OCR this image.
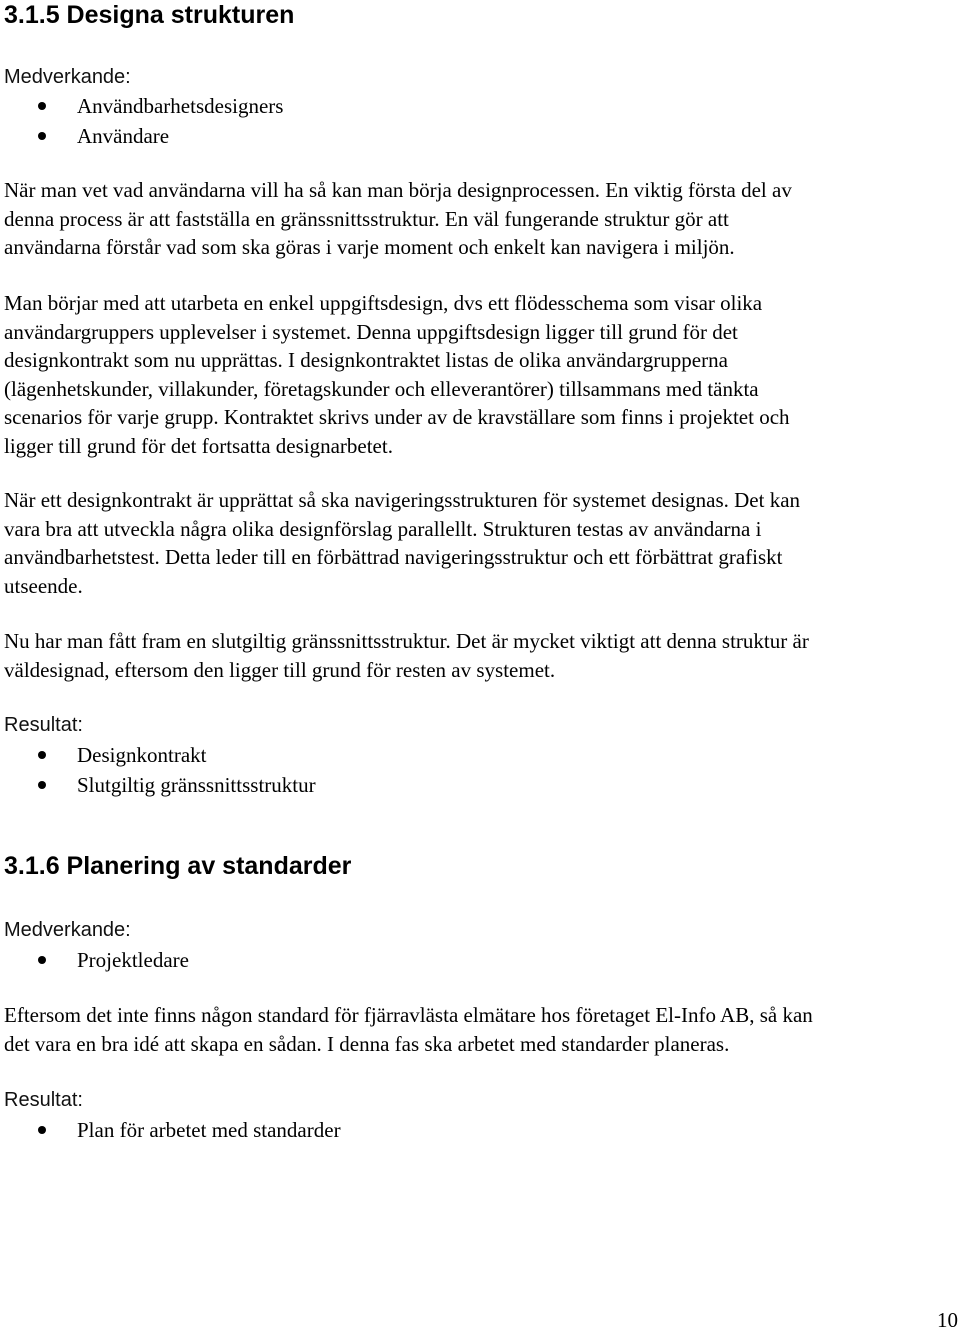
3.1.5 Designa strukturen
Medverkande:
Användbarhetsdesigners
Användare

När man vet vad användarna vill ha så kan man börja designprocessen. En viktig första del av
denna process är att fastställa en gränssnittsstruktur. En väl fungerande struktur gör att
användarna förstår vad som ska göras i varje moment och enkelt kan navigera i miljön.

Man börjar med att utarbeta en enkel uppgiftsdesign, dvs ett flödesschema som visar olika
användargruppers upplevelser i systemet. Denna uppgiftsdesign ligger till grund för det
designkontrakt som nu upprättas. I designkontraktet listas de olika användargrupperna
(lägenhetskunder, villakunder, företagskunder och elleverantörer) tillsammans med tänkta
scenarios för varje grupp. Kontraktet skrivs under av de kravställare som finns i projektet och
ligger till grund för det fortsatta designarbetet.

När ett designkontrakt är upprättat så ska navigeringsstrukturen för systemet designas. Det kan
vara bra att utveckla några olika designförslag parallellt. Strukturen testas av användarna i
användbarhetstest. Detta leder till en förbättrad navigeringsstruktur och ett förbättrat grafiskt
utseende.

Nu har man fått fram en slutgiltig gränssnittsstruktur. Det är mycket viktigt att denna struktur är
väldesignad, eftersom den ligger till grund för resten av systemet.

Resultat:
Designkontrakt
Slutgiltig gränssnittsstruktur
3.1.6 Planering av standarder
Medverkande:
Projektledare

Eftersom det inte finns någon standard för fjärravlästa elmätare hos företaget El-Info AB, så kan
det vara en bra idé att skapa en sådan. I denna fas ska arbetet med standarder planeras.

Resultat:
Plan för arbetet med standarder
10
